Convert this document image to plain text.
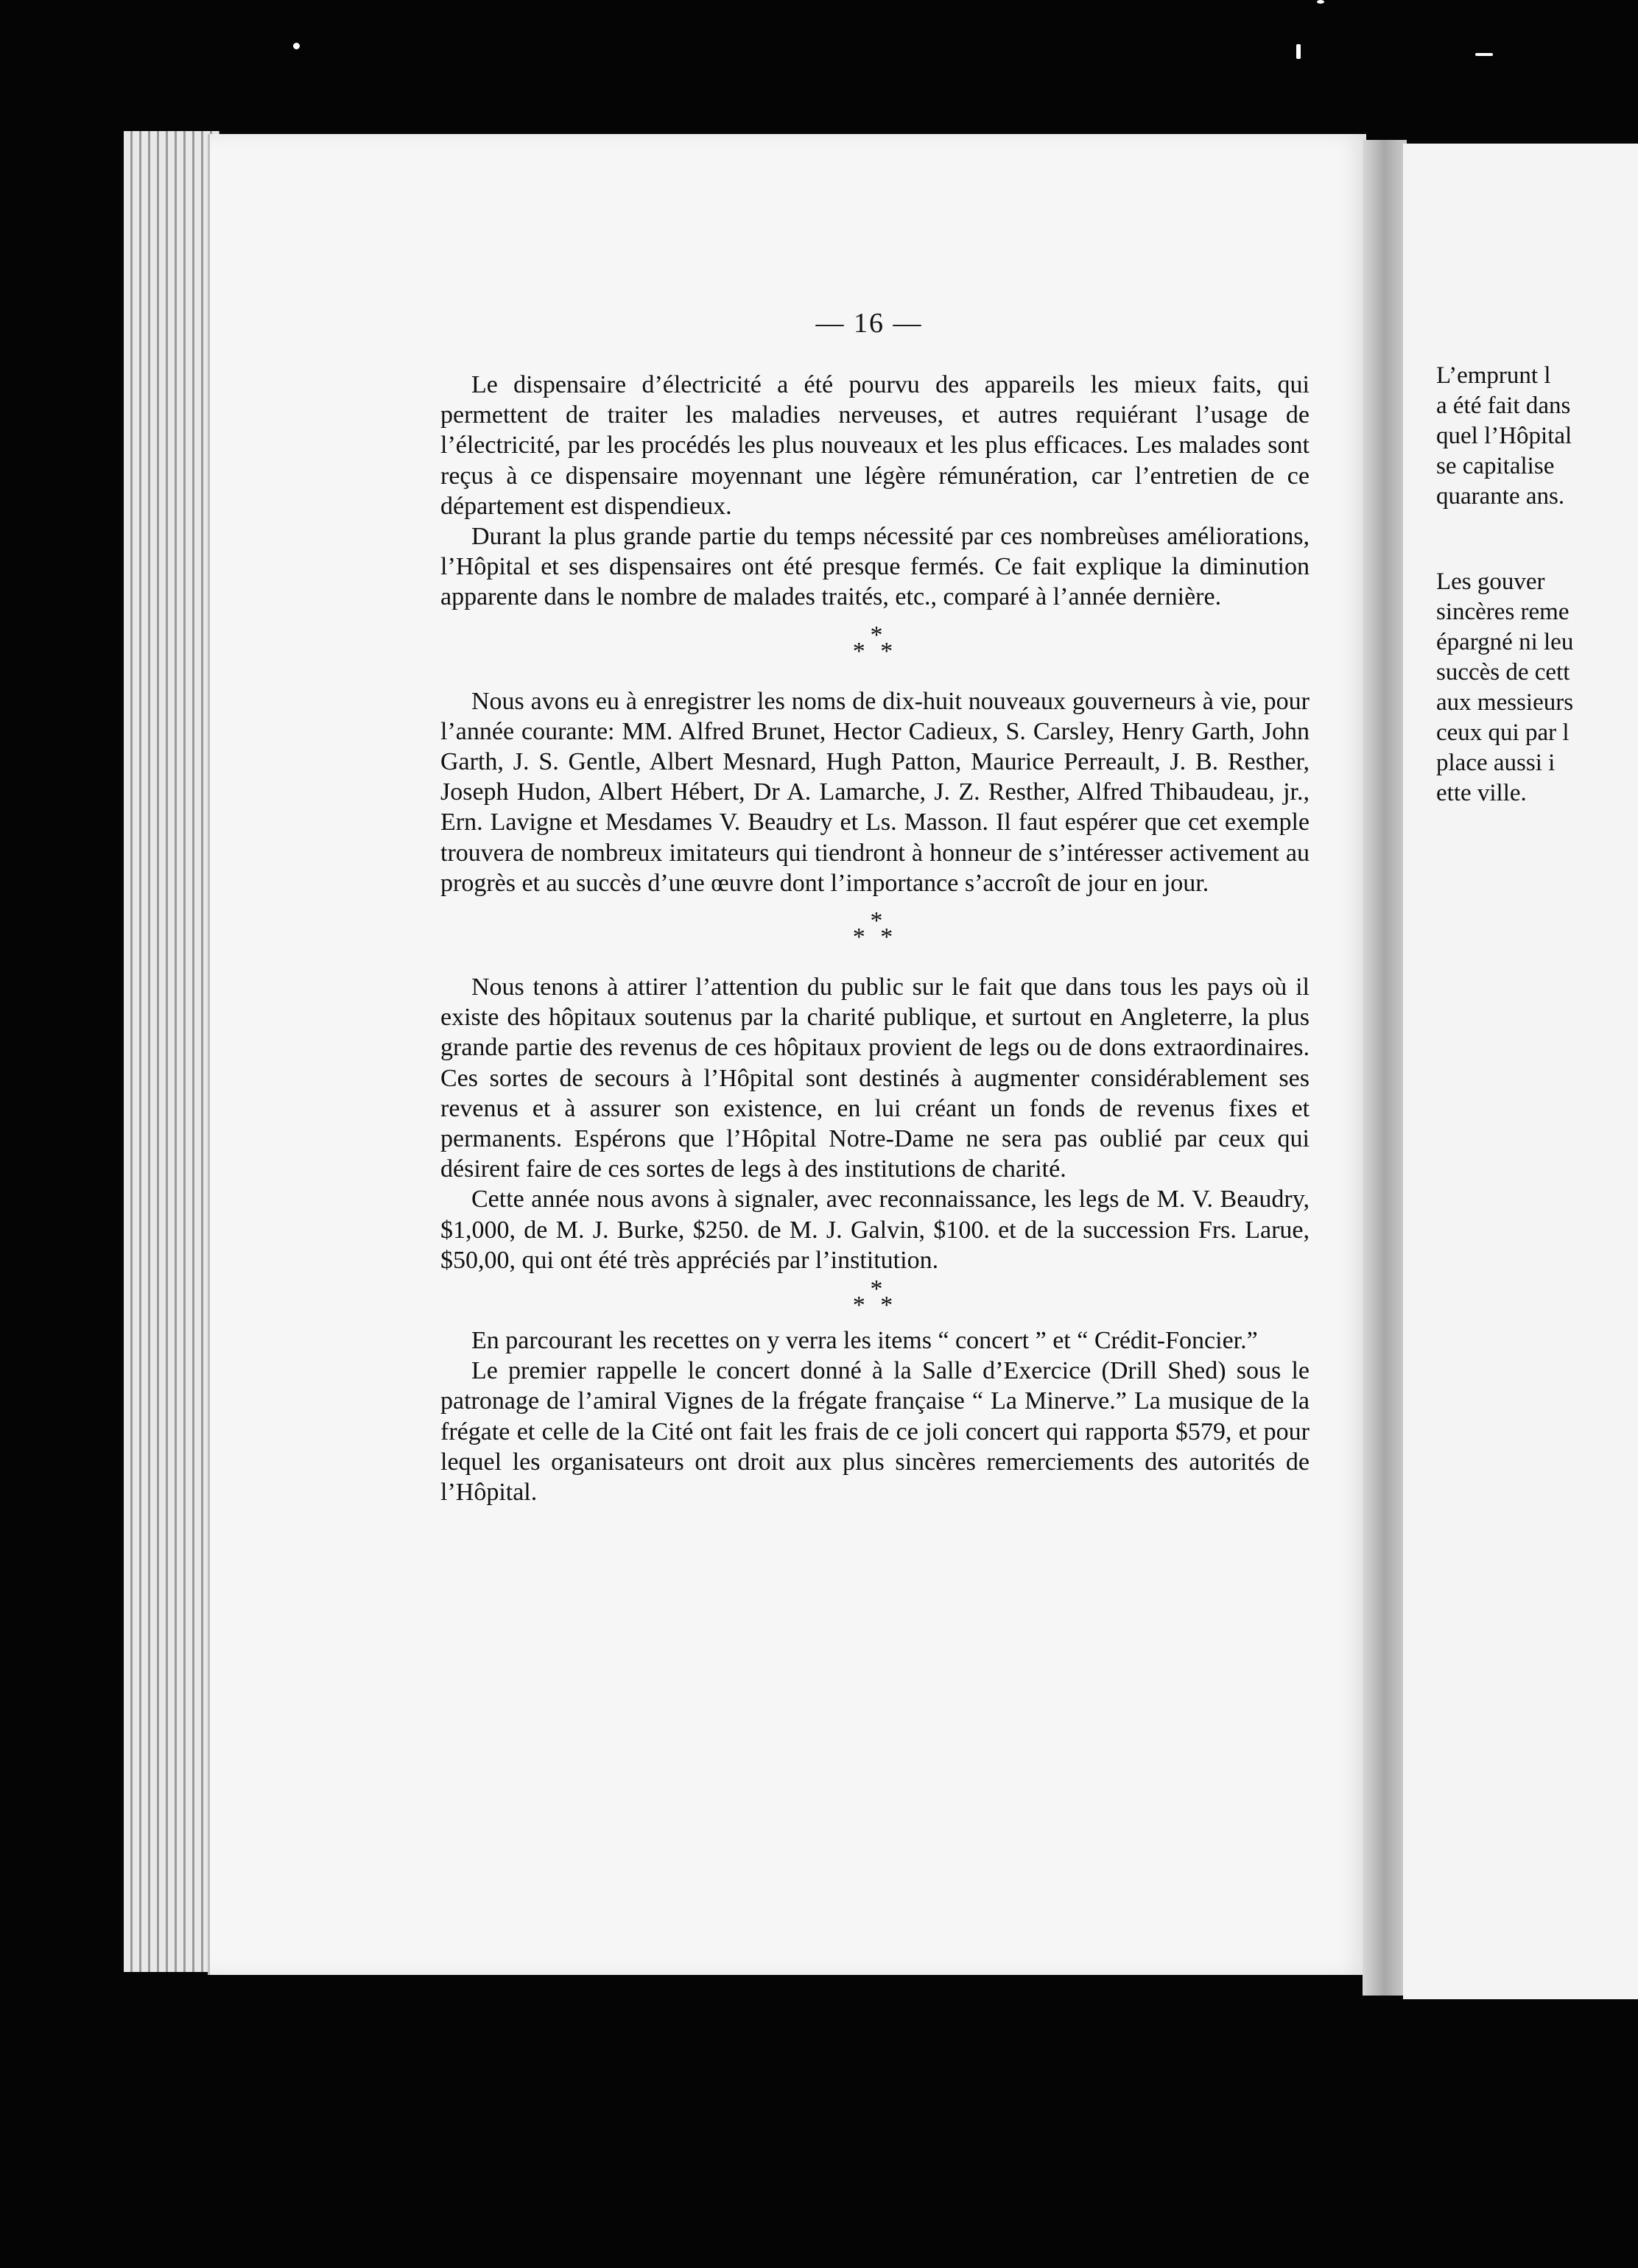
— 16 —

Le dispensaire d’électricité a été pourvu des appareils les mieux faits, qui permettent de traiter les maladies nerveuses, et autres requiérant l’usage de l’électricité, par les procédés les plus nouveaux et les plus efficaces. Les malades sont reçus à ce dispensaire moyennant une légère rémunération, car l’entretien de ce département est dispendieux.

Durant la plus grande partie du temps nécessité par ces nombreùses améliorations, l’Hôpital et ses dispensaires ont été presque fermés. Ce fait explique la diminution apparente dans le nombre de malades traités, etc., comparé à l’année dernière.

*
* *

Nous avons eu à enregistrer les noms de dix-huit nouveaux gouverneurs à vie, pour l’année courante: MM. Alfred Brunet, Hector Cadieux, S. Carsley, Henry Garth, John Garth, J. S. Gentle, Albert Mesnard, Hugh Patton, Maurice Perreault, J. B. Resther, Joseph Hudon, Albert Hébert, Dr A. Lamarche, J. Z. Resther, Alfred Thibaudeau, jr., Ern. Lavigne et Mesdames V. Beaudry et Ls. Masson. Il faut espérer que cet exemple trouvera de nombreux imitateurs qui tiendront à honneur de s’intéresser activement au progrès et au succès d’une œuvre dont l’importance s’accroît de jour en jour.

*
* *

Nous tenons à attirer l’attention du public sur le fait que dans tous les pays où il existe des hôpitaux soutenus par la charité publique, et surtout en Angleterre, la plus grande partie des revenus de ces hôpitaux provient de legs ou de dons extraordinaires. Ces sortes de secours à l’Hôpital sont destinés à augmenter considérablement ses revenus et à assurer son existence, en lui créant un fonds de revenus fixes et permanents. Espérons que l’Hôpital Notre-Dame ne sera pas oublié par ceux qui désirent faire de ces sortes de legs à des institutions de charité.

Cette année nous avons à signaler, avec reconnaissance, les legs de M. V. Beaudry, $1,000, de M. J. Burke, $250. de M. J. Galvin, $100. et de la succession Frs. Larue, $50,00, qui ont été très appréciés par l’institution.

*
* *

En parcourant les recettes on y verra les items “ concert ” et “ Crédit-Foncier.”

Le premier rappelle le concert donné à la Salle d’Exercice (Drill Shed) sous le patronage de l’amiral Vignes de la frégate française “ La Minerve.” La musique de la frégate et celle de la Cité ont fait les frais de ce joli concert qui rapporta $579, et pour lequel les organisateurs ont droit aux plus sincères remerciements des autorités de l’Hôpital.

L’emprunt l
a été fait dans
quel l’Hôpital
se capitalise
quarante ans.
Les gouver
sincères reme
épargné ni leu
succès de cett
aux messieurs
ceux qui par l
place aussi i
ette ville.
